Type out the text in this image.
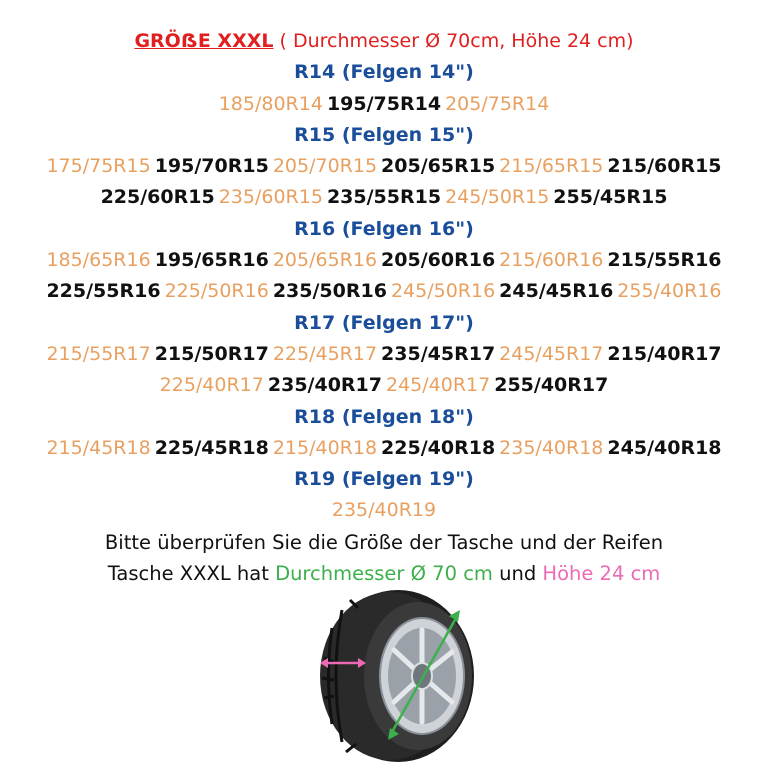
GRÖẞE XXXL ( Durchmesser Ø 70cm, Höhe 24 cm)
R14 (Felgen 14")
185/80R14 195/75R14 205/75R14
R15 (Felgen 15")
175/75R15 195/70R15 205/70R15 205/65R15 215/65R15 215/60R15
225/60R15 235/60R15 235/55R15 245/50R15 255/45R15
R16 (Felgen 16")
185/65R16 195/65R16 205/65R16 205/60R16 215/60R16 215/55R16
225/55R16 225/50R16 235/50R16 245/50R16 245/45R16 255/40R16
R17 (Felgen 17")
215/55R17 215/50R17 225/45R17 235/45R17 245/45R17 215/40R17
225/40R17 235/40R17 245/40R17 255/40R17
R18 (Felgen 18")
215/45R18 225/45R18 215/40R18 225/40R18 235/40R18 245/40R18
R19 (Felgen 19")
235/40R19
Bitte überprüfen Sie die Größe der Tasche und der Reifen
Tasche XXXL hat Durchmesser Ø 70 cm und Höhe 24 cm
